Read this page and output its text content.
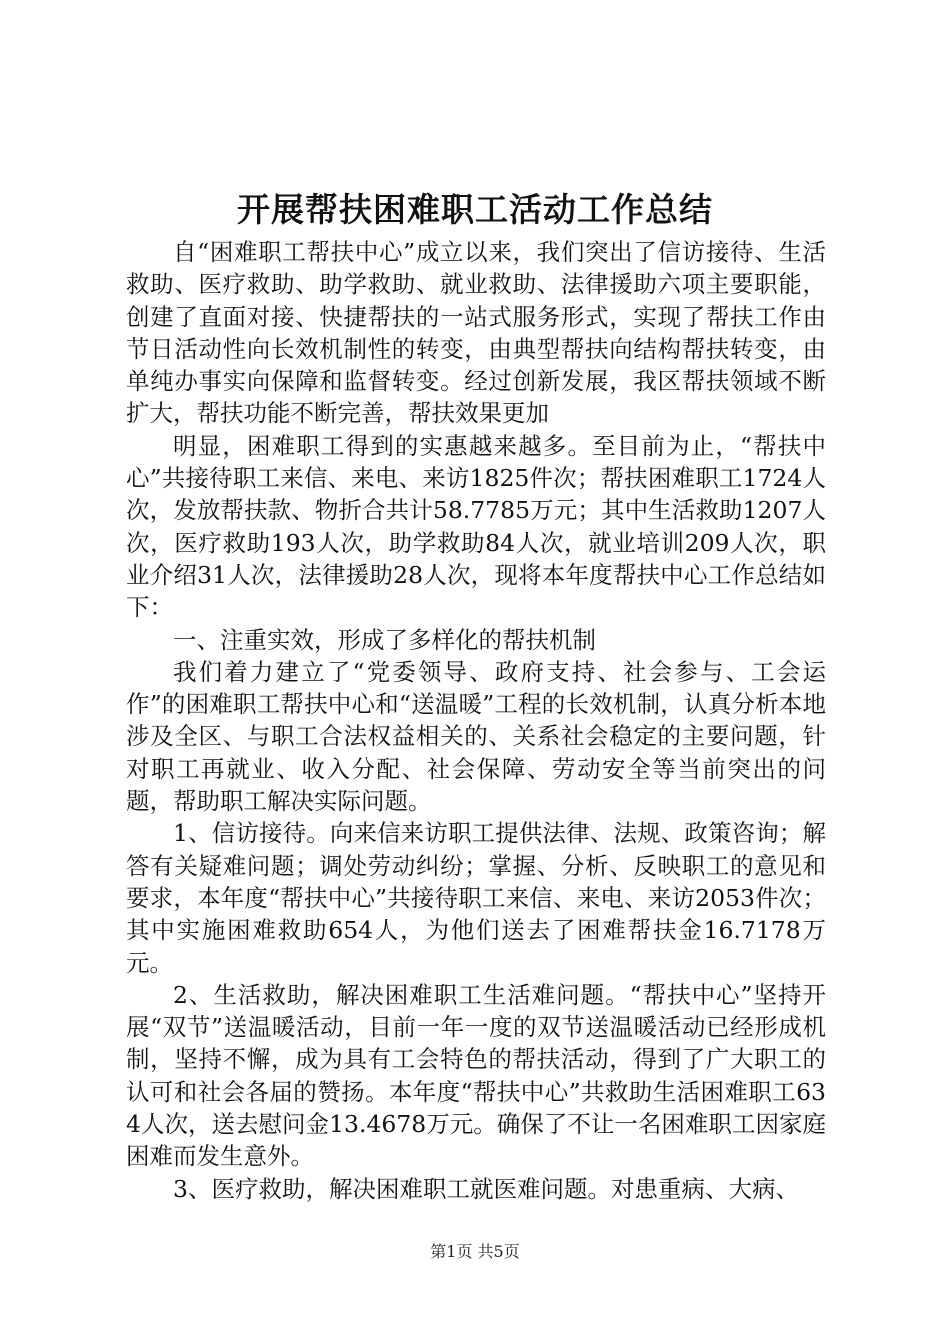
开展帮扶困难职工活动工作总结

自“困难职工帮扶中心”成立以来，我们突出了信访接待、生活救助、医疗救助、助学救助、就业救助、法律援助六项主要职能，创建了直面对接、快捷帮扶的一站式服务形式，实现了帮扶工作由节日活动性向长效机制性的转变，由典型帮扶向结构帮扶转变，由单纯办事实向保障和监督转变。经过创新发展，我区帮扶领域不断扩大，帮扶功能不断完善，帮扶效果更加

明显，困难职工得到的实惠越来越多。至目前为止，“帮扶中心”共接待职工来信、来电、来访1825件次；帮扶困难职工1724人次，发放帮扶款、物折合共计58.7785万元；其中生活救助1207人次，医疗救助193人次，助学救助84人次，就业培训209人次，职业介绍31人次，法律援助28人次，现将本年度帮扶中心工作总结如下：

一、注重实效，形成了多样化的帮扶机制

我们着力建立了“党委领导、政府支持、社会参与、工会运作”的困难职工帮扶中心和“送温暖”工程的长效机制，认真分析本地涉及全区、与职工合法权益相关的、关系社会稳定的主要问题，针对职工再就业、收入分配、社会保障、劳动安全等当前突出的问题，帮助职工解决实际问题。

1、信访接待。向来信来访职工提供法律、法规、政策咨询；解答有关疑难问题；调处劳动纠纷；掌握、分析、反映职工的意见和要求，本年度“帮扶中心”共接待职工来信、来电、来访2053件次；其中实施困难救助654人，为他们送去了困难帮扶金16.7178万元。

2、生活救助，解决困难职工生活难问题。“帮扶中心”坚持开展“双节”送温暖活动，目前一年一度的双节送温暖活动已经形成机制，坚持不懈，成为具有工会特色的帮扶活动，得到了广大职工的认可和社会各届的赞扬。本年度“帮扶中心”共救助生活困难职工634人次，送去慰问金13.4678万元。确保了不让一名困难职工因家庭困难而发生意外。

3、医疗救助，解决困难职工就医难问题。对患重病、大病、

第1页 共5页
